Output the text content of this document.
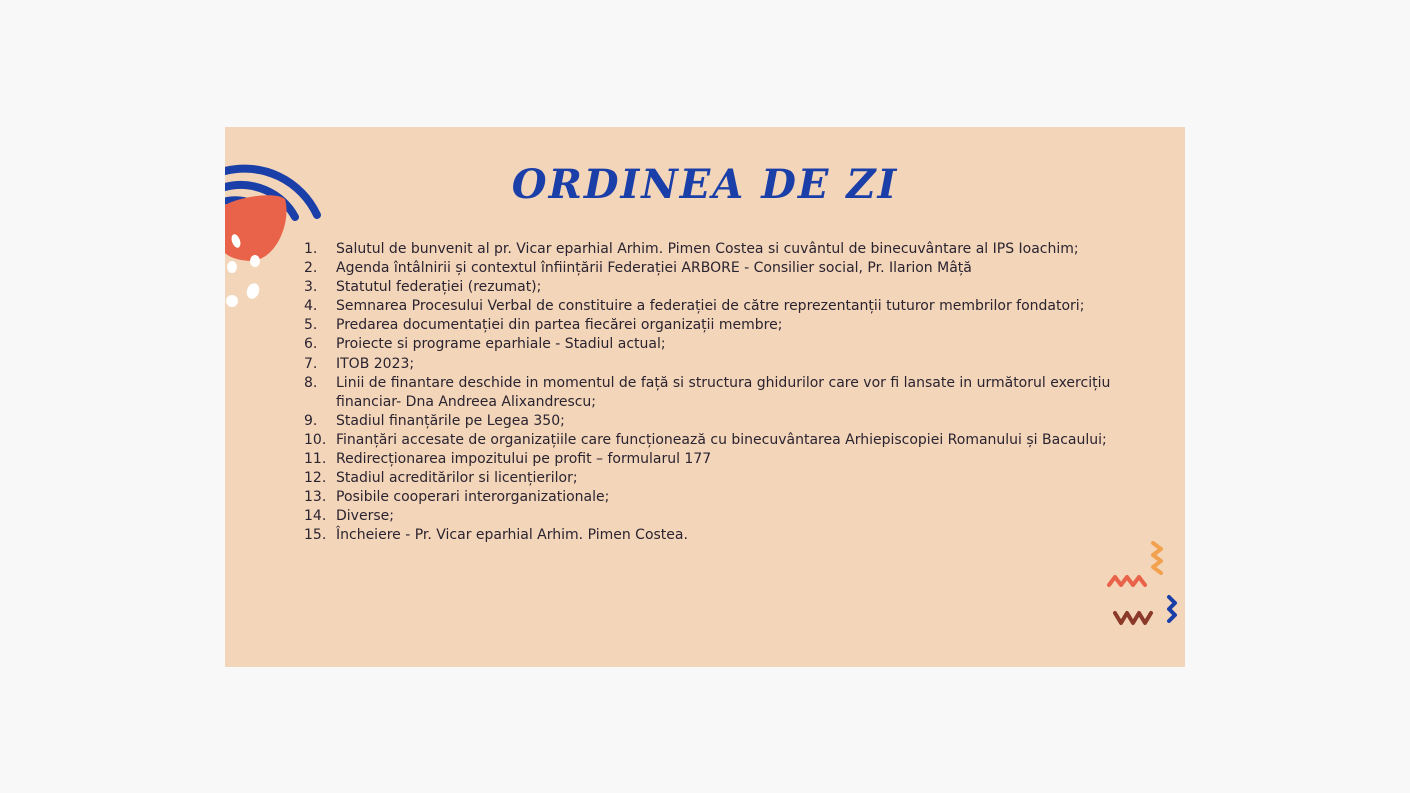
ORDINEA DE ZI
1.	Salutul de bunvenit al pr. Vicar eparhial Arhim. Pimen Costea si cuvântul de binecuvântare al IPS Ioachim;
2.	Agenda întâlnirii și contextul înființării Federației ARBORE - Consilier social, Pr. Ilarion Mâță
3.	Statutul federației (rezumat);
4.	Semnarea Procesului Verbal de constituire a federației de către reprezentanții tuturor membrilor fondatori;
5.	Predarea documentației din partea fiecărei organizații membre;
6.	Proiecte si programe eparhiale - Stadiul actual;
7.	ITOB 2023;
8.	Linii de finantare deschide in momentul de față si structura ghidurilor care vor fi lansate in următorul exercițiu financiar- Dna Andreea Alixandrescu;
9.	Stadiul finanțările pe Legea 350;
10. Finanțări accesate de organizațiile care funcționează cu binecuvântarea Arhiepiscopiei Romanului și Bacaului;
11. Redirecționarea impozitului pe profit – formularul 177
12. Stadiul acreditărilor si licențierilor;
13. Posibile cooperari interorganizationale;
14. Diverse;
15. Încheiere - Pr. Vicar eparhial Arhim. Pimen Costea.
